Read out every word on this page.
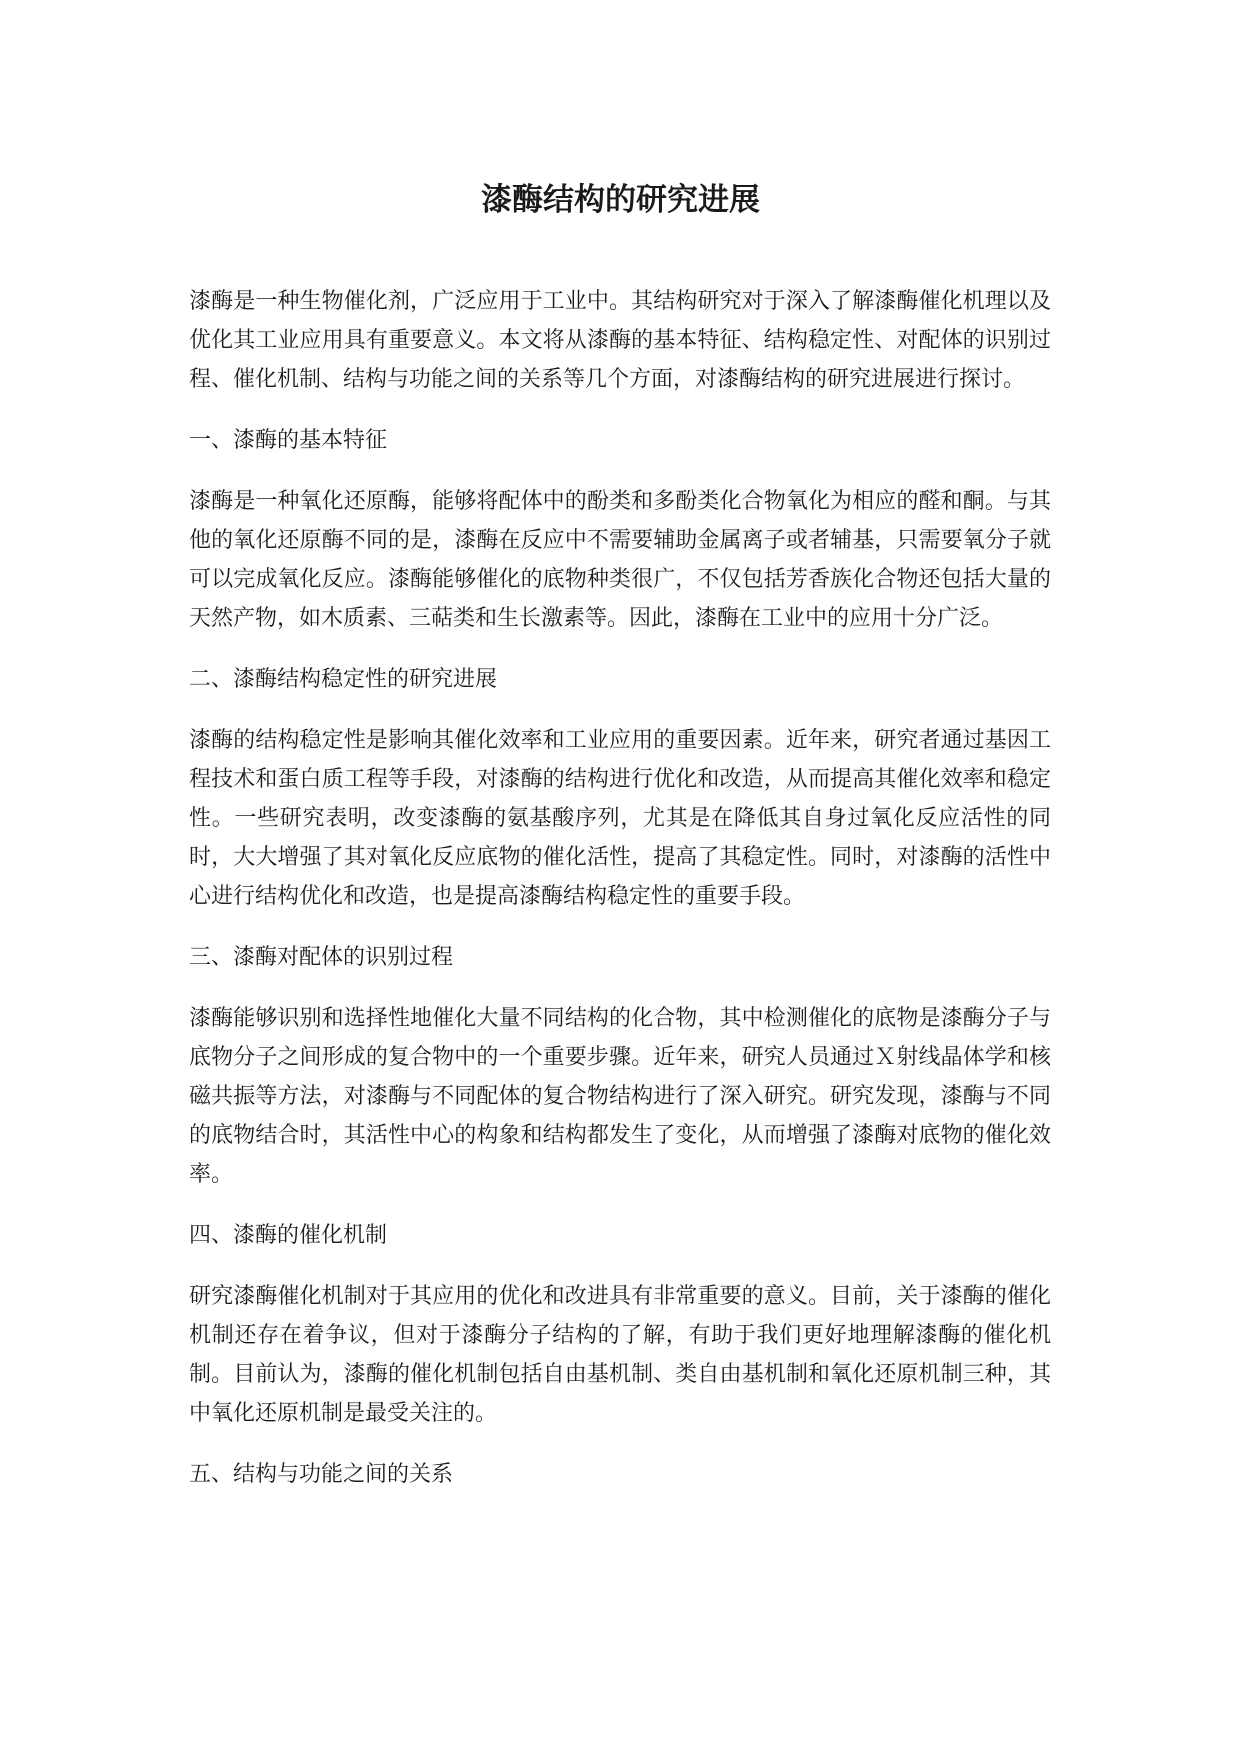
漆酶结构的研究进展

漆酶是一种生物催化剂，广泛应用于工业中。其结构研究对于深入了解漆酶催化机理以及优化其工业应用具有重要意义。本文将从漆酶的基本特征、结构稳定性、对配体的识别过程、催化机制、结构与功能之间的关系等几个方面，对漆酶结构的研究进展进行探讨。

一、漆酶的基本特征

漆酶是一种氧化还原酶，能够将配体中的酚类和多酚类化合物氧化为相应的醛和酮。与其他的氧化还原酶不同的是，漆酶在反应中不需要辅助金属离子或者辅基，只需要氧分子就可以完成氧化反应。漆酶能够催化的底物种类很广，不仅包括芳香族化合物还包括大量的天然产物，如木质素、三萜类和生长激素等。因此，漆酶在工业中的应用十分广泛。

二、漆酶结构稳定性的研究进展

漆酶的结构稳定性是影响其催化效率和工业应用的重要因素。近年来，研究者通过基因工程技术和蛋白质工程等手段，对漆酶的结构进行优化和改造，从而提高其催化效率和稳定性。一些研究表明，改变漆酶的氨基酸序列，尤其是在降低其自身过氧化反应活性的同时，大大增强了其对氧化反应底物的催化活性，提高了其稳定性。同时，对漆酶的活性中心进行结构优化和改造，也是提高漆酶结构稳定性的重要手段。

三、漆酶对配体的识别过程

漆酶能够识别和选择性地催化大量不同结构的化合物，其中检测催化的底物是漆酶分子与底物分子之间形成的复合物中的一个重要步骤。近年来，研究人员通过Ｘ射线晶体学和核磁共振等方法，对漆酶与不同配体的复合物结构进行了深入研究。研究发现，漆酶与不同的底物结合时，其活性中心的构象和结构都发生了变化，从而增强了漆酶对底物的催化效率。

四、漆酶的催化机制

研究漆酶催化机制对于其应用的优化和改进具有非常重要的意义。目前，关于漆酶的催化机制还存在着争议，但对于漆酶分子结构的了解，有助于我们更好地理解漆酶的催化机制。目前认为，漆酶的催化机制包括自由基机制、类自由基机制和氧化还原机制三种，其中氧化还原机制是最受关注的。

五、结构与功能之间的关系
